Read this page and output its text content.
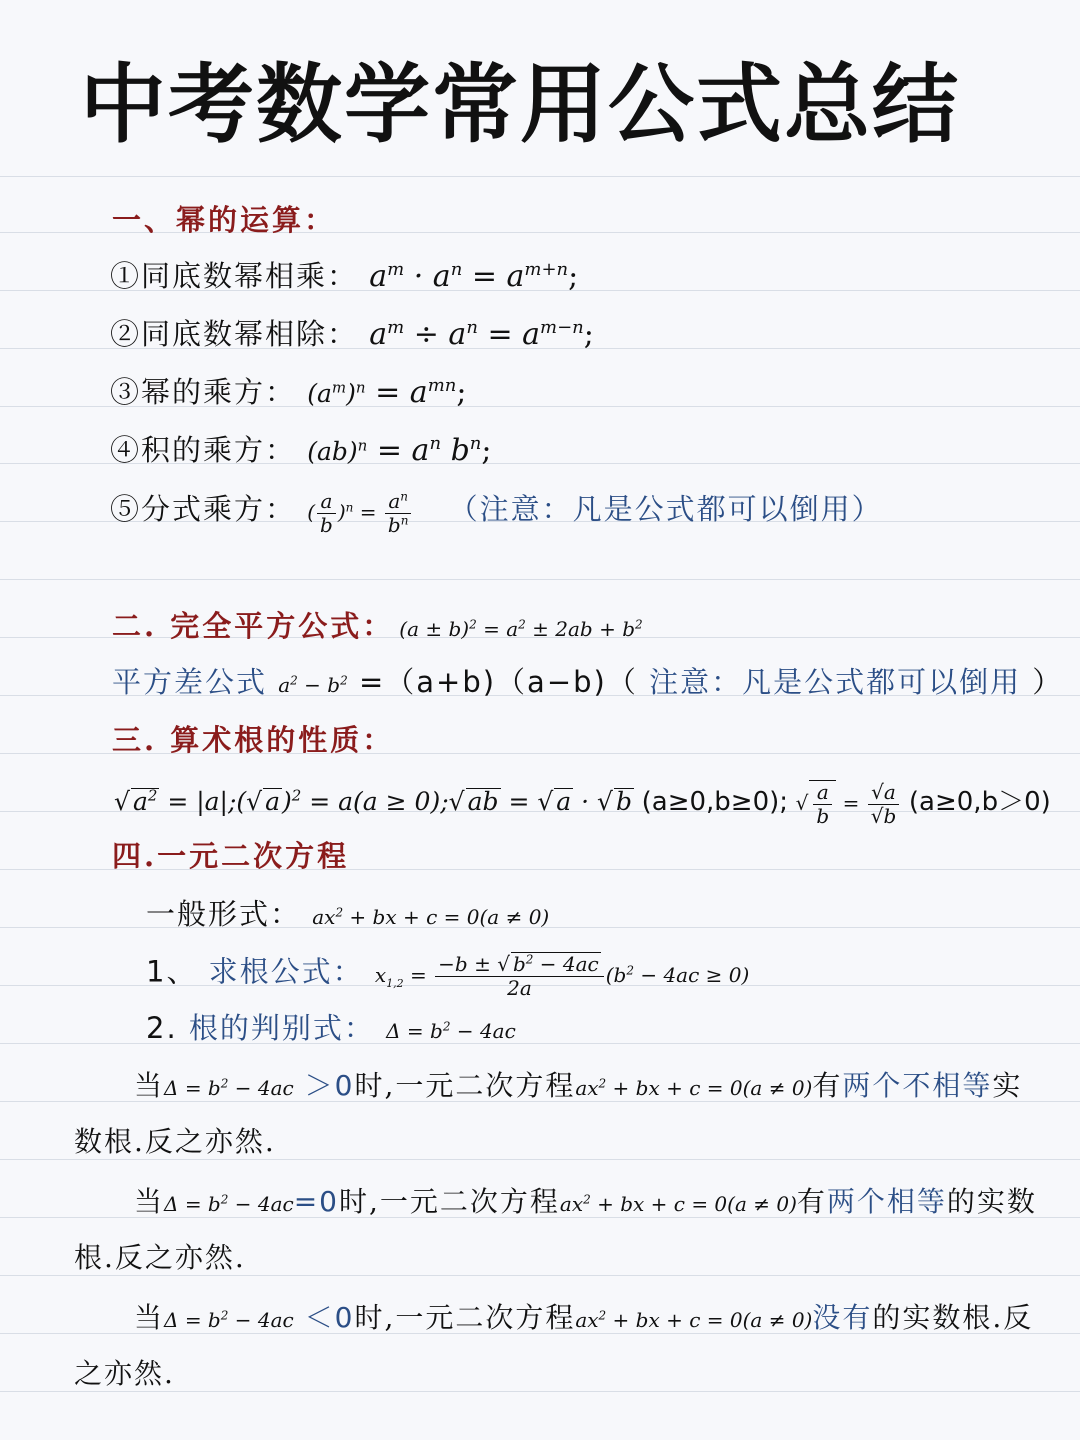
中考数学常用公式总结
一、幂的运算：
①同底数幂相乘： $a^m \cdot a^n = a^{m+n}$;
②同底数幂相除： $a^m \div a^n = a^{m-n}$;
③幂的乘方： $(a^m)^n = a^{mn}$;
④积的乘方： $(ab)^n = a^n$ $b^n$;
⑤分式乘方： ( $\frac{a}{b} )^n = \frac{a^n}{b^n}$ （注意：凡是公式都可以倒用）
二. 完全平方公式： $(a \pm b)^2 = a^2 \pm 2ab + b^2$
平方差公式 $a^2 - b^2 =(a+b)(a-b)$（ 注意：凡是公式都可以倒用 ）
三. 算术根的性质：
√ $a^2$ = |a|;(√ a)$^2$ = a(a ≥ 0);√ ab = √ a · √ b (a≥0,b≥0); √ $\frac{a}{b} = \frac{√a}{√b} (a\ge 0,b>0)$
四.一元二次方程
一般形式： $ax^2$ + bx + c = 0(a ≠ 0)
1、 求根公式： $x_{1,2} = \frac{-b \pm √ b^2 - 4ac}{2a} (b^2 - 4ac \ge 0)$
2. 根的判别式： $\Delta = b^2 - 4ac$
当$\Delta = b^2 - 4ac >0$时,一元二次方程$ax^2$ + bx + c = 0(a ≠ 0)有两个不相等实
数根.反之亦然.
当$\Delta = b^2 - 4ac=0$时,一元二次方程$ax^2$ + bx + c = 0(a ≠ 0)有两个相等的实数
根.反之亦然.
当$\Delta = b^2 - 4ac <0$时,一元二次方程$ax^2$ + bx + c = 0(a ≠ 0)没有的实数根.反
之亦然.
